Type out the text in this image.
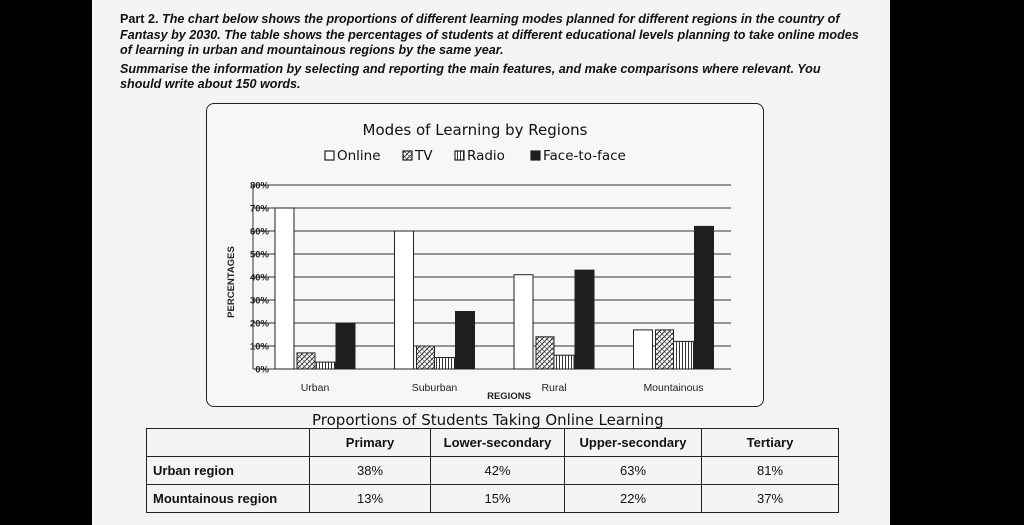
Part 2. The chart below shows the proportions of different learning modes planned for different regions in the country of Fantasy by 2030. The table shows the percentages of students at different educational levels planning to take online modes of learning in urban and mountainous regions by the same year.

Summarise the information by selecting and reporting the main features, and make comparisons where relevant. You should write about 150 words.

Modes of Learning by Regions
Online	TV	Radio	Face-to-face
0%
10%
20%
30%
40%
50%
60%
70%
80%
Urban	Suburban	Rural	Mountainous
PERCENTAGES
REGIONS
Proportions of Students Taking Online Learning
	Primary	Lower-secondary	Upper-secondary	Tertiary
Urban region	38%	42%	63%	81%
Mountainous region	13%	15%	22%	37%
